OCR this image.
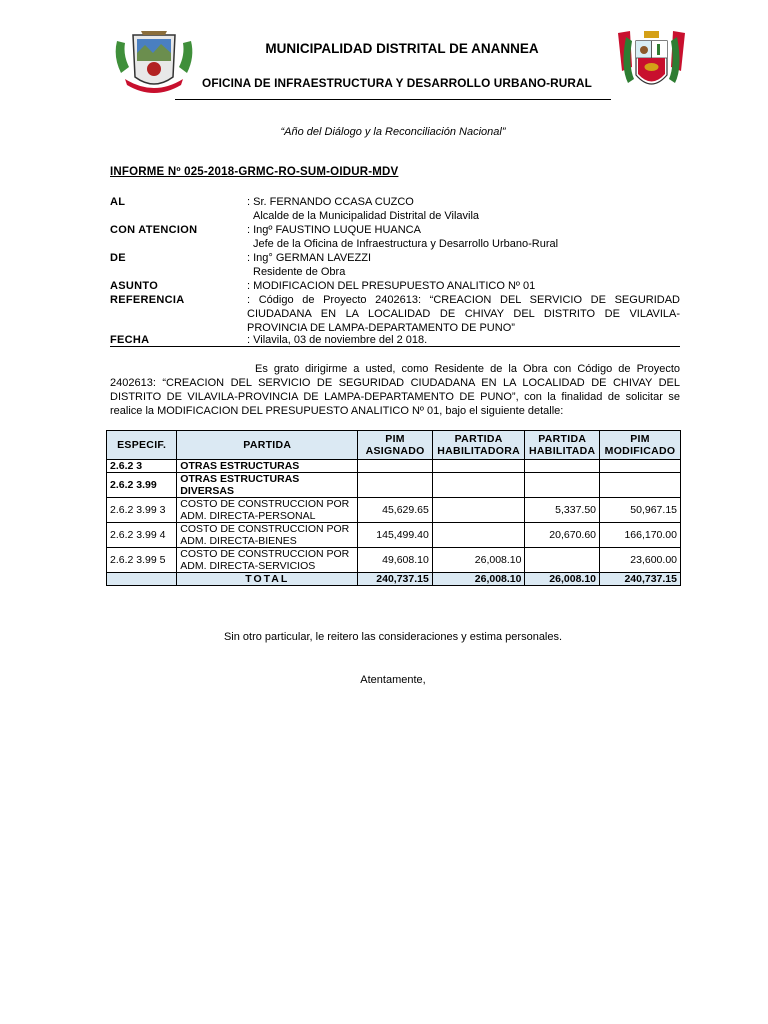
MUNICIPALIDAD DISTRITAL DE ANANNEA
OFICINA DE INFRAESTRUCTURA Y DESARROLLO URBANO-RURAL
“Año del Diálogo y la Reconciliación Nacional”
INFORME Nº 025-2018-GRMC-RO-SUM-OIDUR-MDV
AL	: Sr. FERNANDO CCASA CUZCO
Alcalde de la Municipalidad Distrital de Vilavila
CON ATENCION	: Ingº FAUSTINO LUQUE HUANCA
Jefe de la Oficina de Infraestructura y Desarrollo Urbano-Rural
DE	: Ing° GERMAN LAVEZZI
Residente de Obra
ASUNTO	: MODIFICACION DEL PRESUPUESTO ANALITICO Nº 01
REFERENCIA	: Código de Proyecto 2402613: “CREACION DEL SERVICIO DE SEGURIDAD CIUDADANA EN LA LOCALIDAD DE CHIVAY DEL DISTRITO DE VILAVILA-PROVINCIA DE LAMPA-DEPARTAMENTO DE PUNO”
FECHA	: Vilavila, 03 de noviembre del 2 018.
Es grato dirigirme a usted, como Residente de la Obra con Código de Proyecto 2402613: “CREACION DEL SERVICIO DE SEGURIDAD CIUDADANA EN LA LOCALIDAD DE CHIVAY DEL DISTRITO DE VILAVILA-PROVINCIA DE LAMPA-DEPARTAMENTO DE PUNO”, con la finalidad de solicitar se realice la MODIFICACION DEL PRESUPUESTO ANALITICO Nº 01, bajo el siguiente detalle:
ESPECIF.	PARTIDA	PIM ASIGNADO	PARTIDA HABILITADORA	PARTIDA HABILITADA	PIM MODIFICADO
2.6.2 3	OTRAS ESTRUCTURAS				
2.6.2 3.99	OTRAS ESTRUCTURAS DIVERSAS				
2.6.2 3.99 3	COSTO DE CONSTRUCCION POR ADM. DIRECTA-PERSONAL	45,629.65		5,337.50	50,967.15
2.6.2 3.99 4	COSTO DE CONSTRUCCION POR ADM. DIRECTA-BIENES	145,499.40		20,670.60	166,170.00
2.6.2 3.99 5	COSTO DE CONSTRUCCION POR ADM. DIRECTA-SERVICIOS	49,608.10	26,008.10		23,600.00
	TOTAL	240,737.15	26,008.10	26,008.10	240,737.15
Sin otro particular, le reitero las consideraciones y estima personales.
Atentamente,
